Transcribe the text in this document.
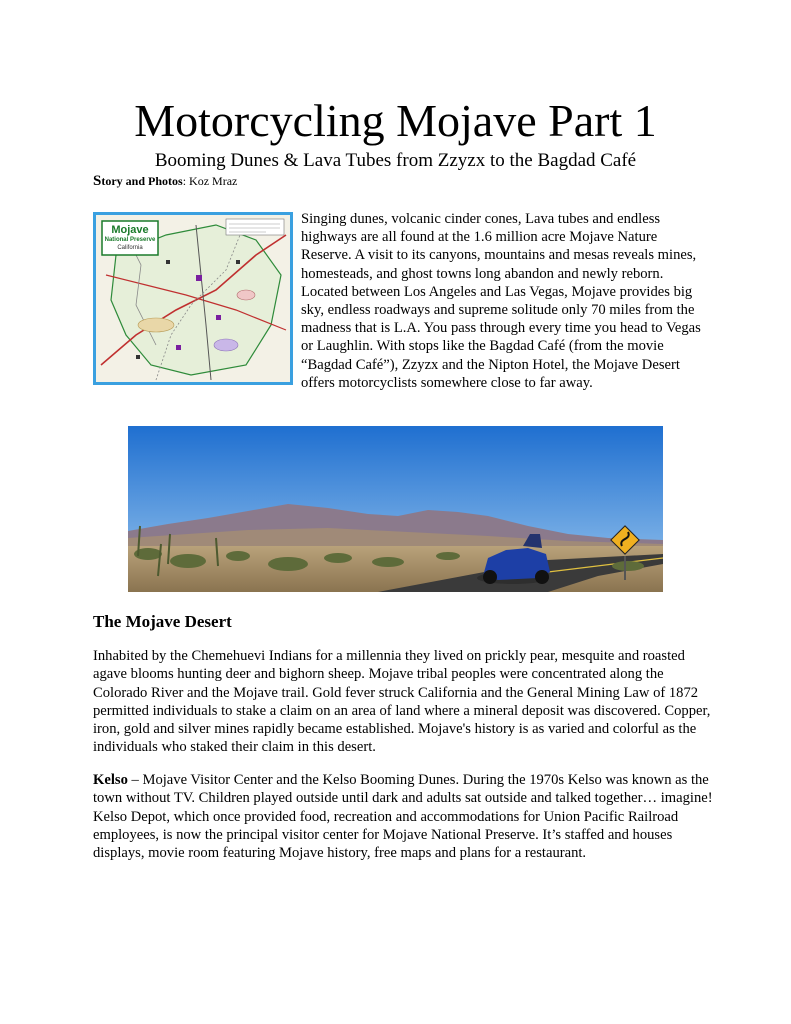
Motorcycling Mojave Part 1

Booming Dunes & Lava Tubes from Zzyzx to the Bagdad Café

Story and Photos: Koz Mraz
Mojave
National Preserve
California
Singing dunes, volcanic cinder cones, Lava tubes and endless highways are all found at the 1.6 million acre Mojave Nature Reserve. A visit to its canyons, mountains and mesas reveals mines, homesteads, and ghost towns long abandon and newly reborn. Located between Los Angeles and Las Vegas, Mojave provides big sky, endless roadways and supreme solitude only 70 miles from the madness that is L.A. You pass through every time you head to Vegas or Laughlin. With stops like the Bagdad Café (from the movie “Bagdad Café”), Zzyzx and the Nipton Hotel, the Mojave Desert offers motorcyclists somewhere close to far away.
The Mojave Desert

Inhabited by the Chemehuevi Indians for a millennia they lived on prickly pear, mesquite and roasted agave blooms hunting deer and bighorn sheep. Mojave tribal peoples were concentrated along the Colorado River and the Mojave trail. Gold fever struck California and the General Mining Law of 1872 permitted individuals to stake a claim on an area of land where a mineral deposit was discovered. Copper, iron, gold and silver mines rapidly became established. Mojave's history is as varied and colorful as the individuals who staked their claim in this desert.

Kelso – Mojave Visitor Center and the Kelso Booming Dunes. During the 1970s Kelso was known as the town without TV. Children played outside until dark and adults sat outside and talked together… imagine! Kelso Depot, which once provided food, recreation and accommodations for Union Pacific Railroad employees, is now the principal visitor center for Mojave National Preserve. It’s staffed and houses displays, movie room featuring Mojave history, free maps and plans for a restaurant.
